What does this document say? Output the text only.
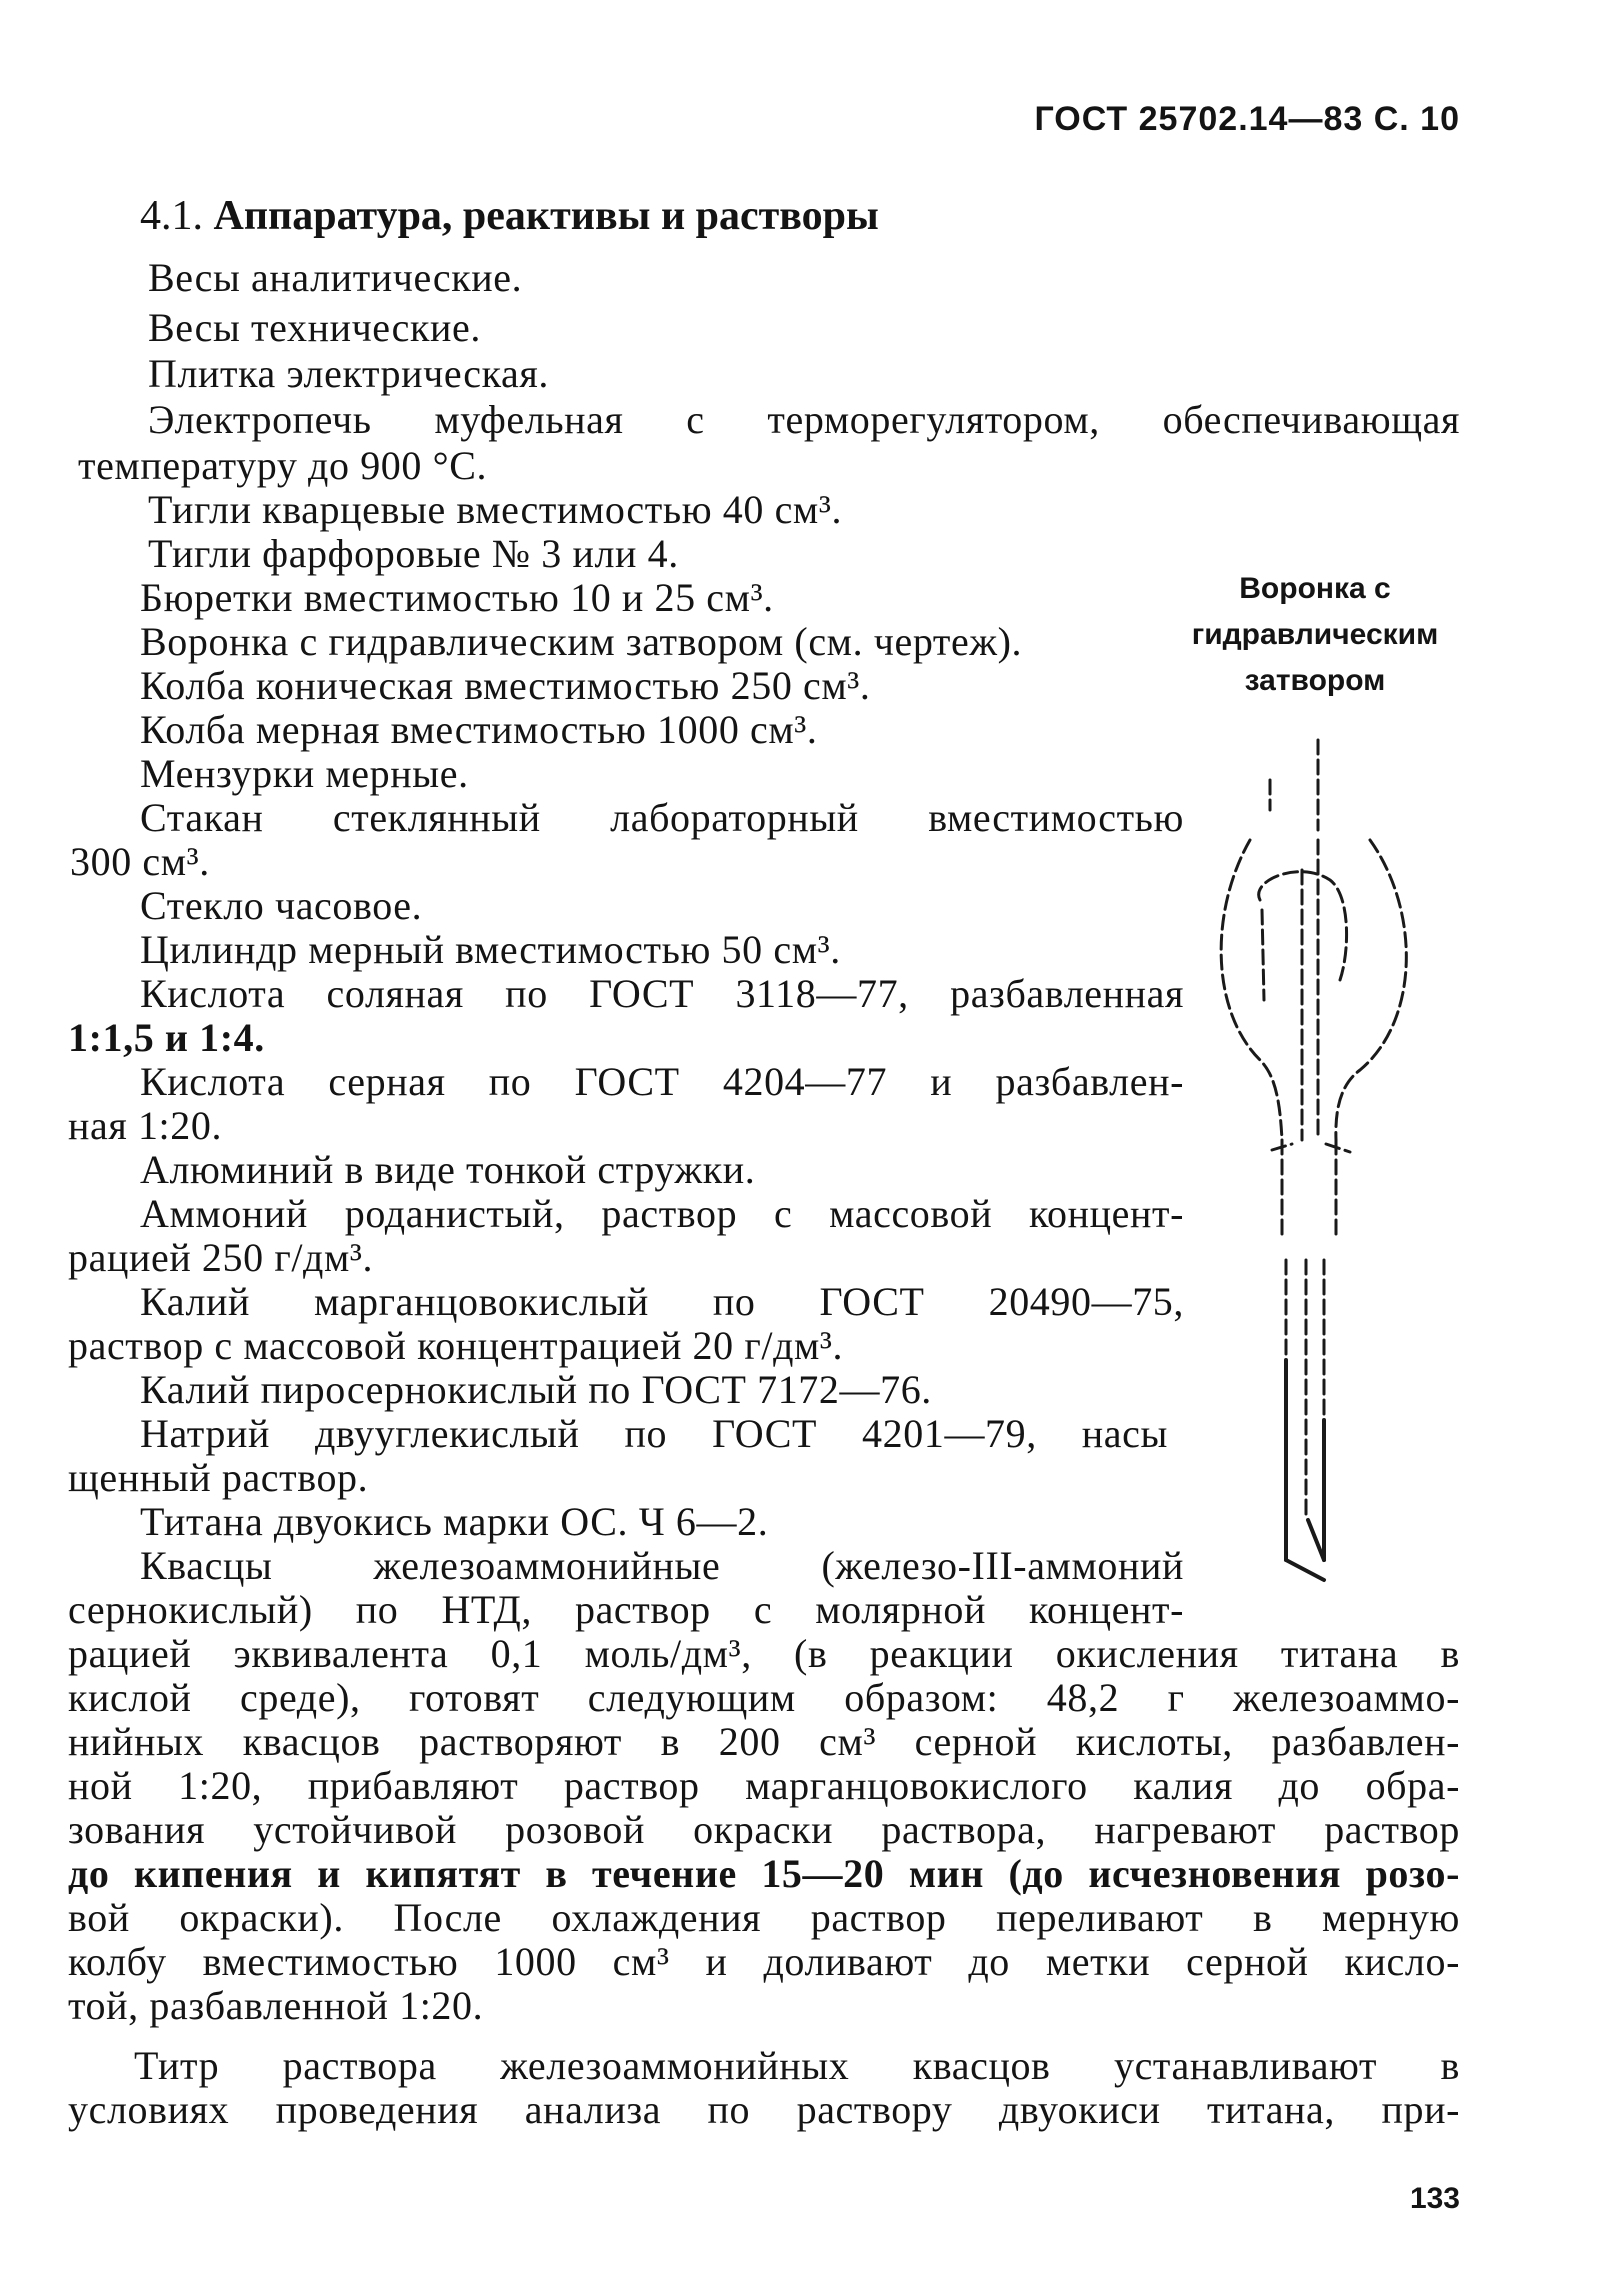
ГОСТ 25702.14—83 С. 10
4.1. Аппаратура, реактивы и растворы
Весы аналитические.
Весы технические.
Плитка электрическая.
Электропечь муфельная с терморегулятором, обеспечивающая
температуру до 900 °С.
Тигли кварцевые вместимостью 40 см³.
Тигли фарфоровые № 3 или 4.
Бюретки вместимостью 10 и 25 см³.
Воронка с гидравлическим затвором (см. чертеж).
Колба коническая вместимостью 250 см³.
Колба мерная вместимостью 1000 см³.
Мензурки мерные.
Стакан стеклянный лабораторный вместимостью
300 см³.
Стекло часовое.
Цилиндр мерный вместимостью 50 см³.
Кислота соляная по ГОСТ 3118—77, разбавленная
1:1,5 и 1:4.
Кислота серная по ГОСТ 4204—77 и разбавлен-
ная 1:20.
Алюминий в виде тонкой стружки.
Аммоний роданистый, раствор с массовой концент-
рацией 250 г/дм³.
Калий марганцовокислый по ГОСТ 20490—75,
раствор с массовой концентрацией 20 г/дм³.
Калий пиросернокислый по ГОСТ 7172—76.
Натрий двууглекислый по ГОСТ 4201—79, насы
щенный раствор.
Титана двуокись марки ОС. Ч 6—2.
Квасцы железоаммонийные (железо-III-аммоний
сернокислый) по НТД, раствор с молярной концент-
рацией эквивалента 0,1 моль/дм³, (в реакции окисления титана в
кислой среде), готовят следующим образом: 48,2 г железоаммо-
нийных квасцов растворяют в 200 см³ серной кислоты, разбавлен-
ной 1:20, прибавляют раствор марганцовокислого калия до обра-
зования устойчивой розовой окраски раствора, нагревают раствор
до кипения и кипятят в течение 15—20 мин (до исчезновения розо-
вой окраски). После охлаждения раствор переливают в мерную
колбу вместимостью 1000 см³ и доливают до метки серной кисло-
той, разбавленной 1:20.
Титр раствора железоаммонийных квасцов устанавливают в
условиях проведения анализа по раствору двуокиси титана, при-
Воронка с
гидравлическим
затвором
133
